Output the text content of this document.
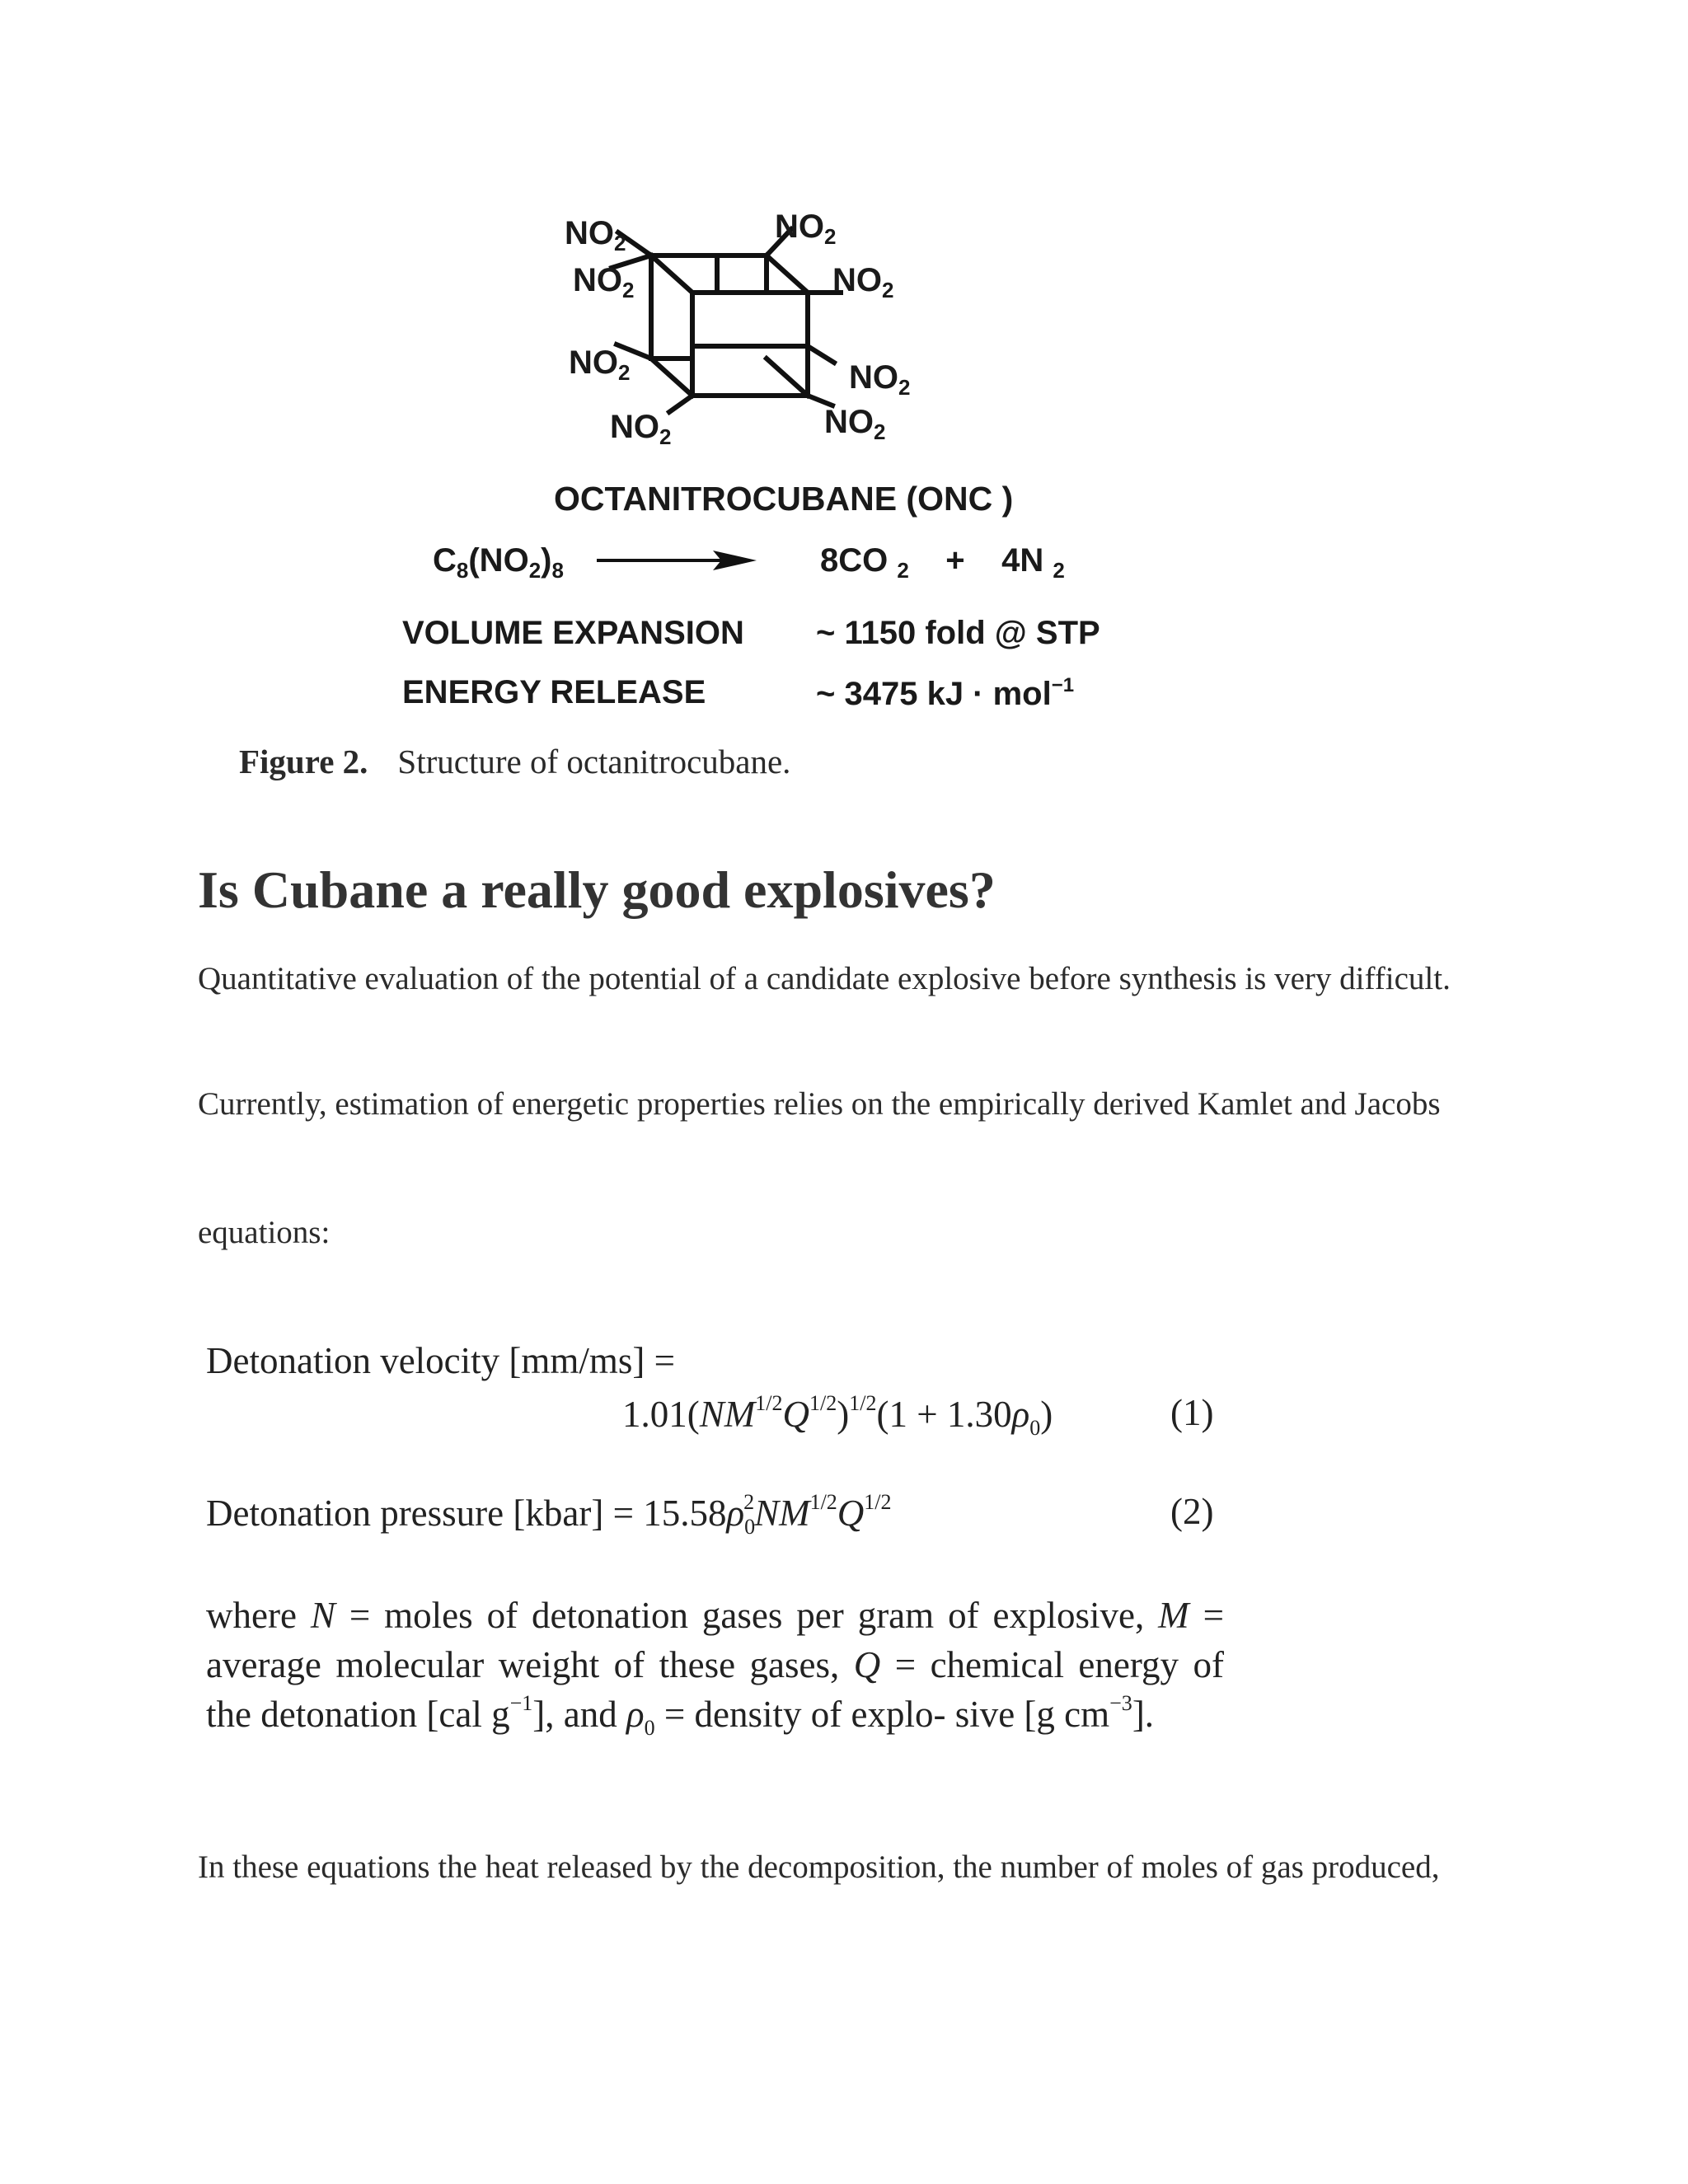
$NO_2$	$NO_2$
$NO_2$	$NO_2$
$NO_2$	$NO_2$
$NO_2$	$NO_2$
OCTANITROCUBANE (ONC )
$C_8(NO_2)_8$	8CO $_2$ + 4N $_2$
VOLUME EXPANSION ~ 1150 fold @ STP
ENERGY RELEASE	~ 3475 kJ · mol$^{-1}$
Figure 2. Structure of octanitrocubane.
Is Cubane a really good explosives?

Quantitative evaluation of the potential of a candidate explosive before synthesis is very difficult.

Currently, estimation of energetic properties relies on the empirically derived Kamlet and Jacobs

equations:

Detonation velocity [mm/ms] =
$1.01(NM^{1/2}Q^{1/2})^{1/2}(1 + 1.30\rho_0)$	(1)
Detonation pressure [kbar] = $15.58\rho_0^2NM^{1/2}Q^{1/2}$	(2)
where N = moles of detonation gases per gram of explosive, M = average molecular weight of these gases, Q = chemical energy of the detonation [cal $g^{-1}$], and $\rho_0$ = density of explo- sive [g $cm^{-3}$].

In these equations the heat released by the decomposition, the number of moles of gas produced,
